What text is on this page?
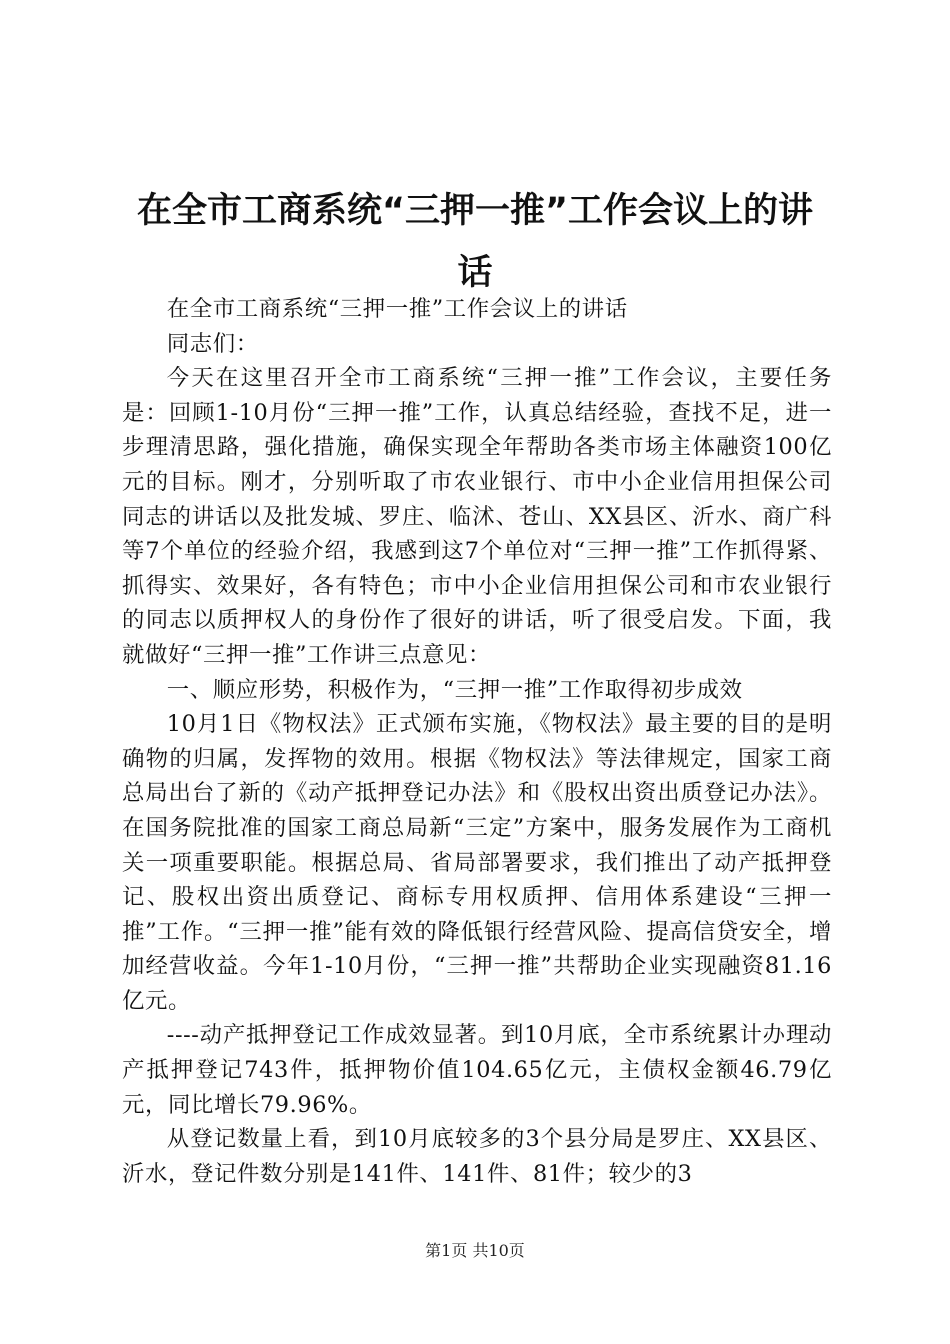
在全市工商系统“三押一推”工作会议上的讲话

在全市工商系统“三押一推”工作会议上的讲话

同志们：

今天在这里召开全市工商系统“三押一推”工作会议，主要任务是：回顾1-10月份“三押一推”工作，认真总结经验，查找不足，进一步理清思路，强化措施，确保实现全年帮助各类市场主体融资100亿元的目标。刚才，分别听取了市农业银行、市中小企业信用担保公司同志的讲话以及批发城、罗庄、临沭、苍山、XX县区、沂水、商广科等7个单位的经验介绍，我感到这7个单位对“三押一推”工作抓得紧、抓得实、效果好，各有特色；市中小企业信用担保公司和市农业银行的同志以质押权人的身份作了很好的讲话，听了很受启发。下面，我就做好“三押一推”工作讲三点意见：

一、顺应形势，积极作为，“三押一推”工作取得初步成效

10月1日《物权法》正式颁布实施，《物权法》最主要的目的是明确物的归属，发挥物的效用。根据《物权法》等法律规定，国家工商总局出台了新的《动产抵押登记办法》和《股权出资出质登记办法》。在国务院批准的国家工商总局新“三定”方案中，服务发展作为工商机关一项重要职能。根据总局、省局部署要求，我们推出了动产抵押登记、股权出资出质登记、商标专用权质押、信用体系建设“三押一推”工作。“三押一推”能有效的降低银行经营风险、提高信贷安全，增加经营收益。今年1-10月份，“三押一推”共帮助企业实现融资81.16亿元。

----动产抵押登记工作成效显著。到10月底，全市系统累计办理动产抵押登记743件，抵押物价值104.65亿元，主债权金额46.79亿元，同比增长79.96%。

从登记数量上看，到10月底较多的3个县分局是罗庄、XX县区、沂水，登记件数分别是141件、141件、81件；较少的3

第1页 共10页
